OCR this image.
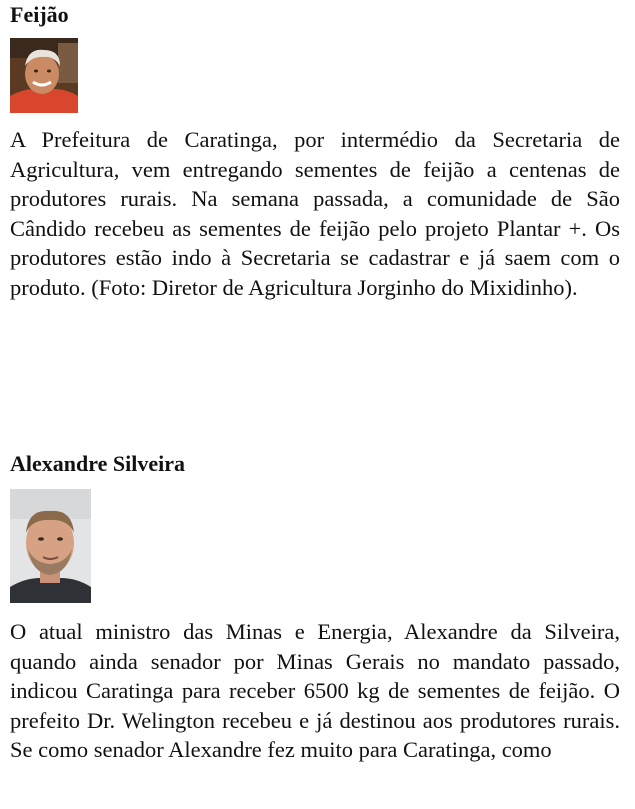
Feijão

A Prefeitura de Caratinga, por intermédio da Secretaria de Agricultura, vem entregando sementes de feijão a centenas de produtores rurais. Na semana passada, a comunidade de São Cândido recebeu as sementes de feijão pelo projeto Plantar +. Os produtores estão indo à Secretaria se cadastrar e já saem com o produto. (Foto: Diretor de Agricultura Jorginho do Mixidinho).

Alexandre Silveira

O atual ministro das Minas e Energia, Alexandre da Silveira, quando ainda senador por Minas Gerais no mandato passado, indicou Caratinga para receber 6500 kg de sementes de feijão. O prefeito Dr. Welington recebeu e já destinou aos produtores rurais. Se como senador Alexandre fez muito para Caratinga, como
